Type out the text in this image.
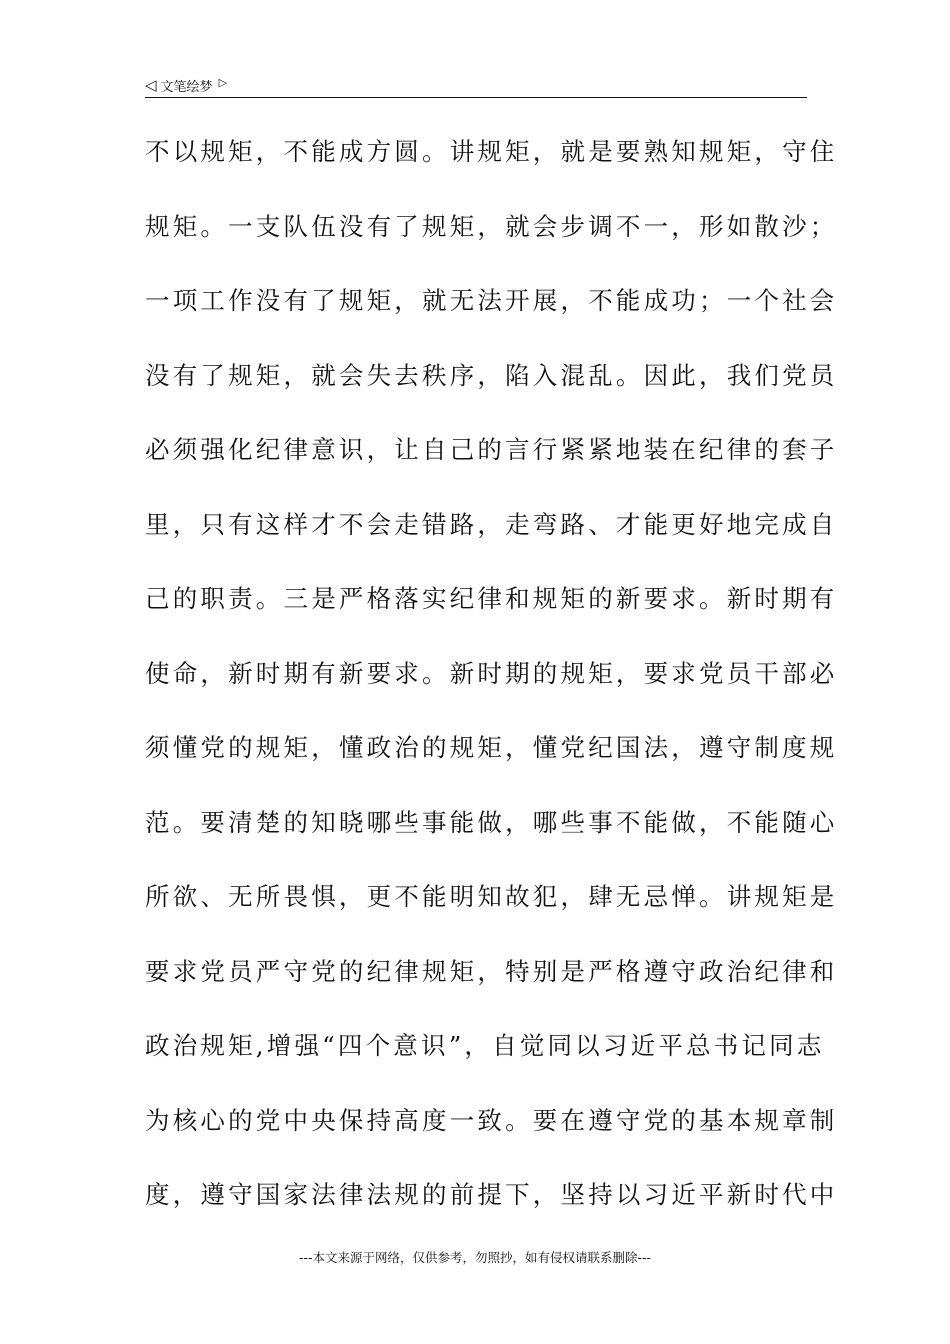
◁ 文笔绘梦 ▷
不以规矩，不能成方圆。讲规矩，就是要熟知规矩，守住
规矩。一支队伍没有了规矩，就会步调不一，形如散沙；
一项工作没有了规矩，就无法开展，不能成功；一个社会
没有了规矩，就会失去秩序，陷入混乱。因此，我们党员
必须强化纪律意识，让自己的言行紧紧地装在纪律的套子
里，只有这样才不会走错路，走弯路、才能更好地完成自
己的职责。三是严格落实纪律和规矩的新要求。新时期有
使命，新时期有新要求。新时期的规矩，要求党员干部必
须懂党的规矩，懂政治的规矩，懂党纪国法，遵守制度规
范。要清楚的知晓哪些事能做，哪些事不能做，不能随心
所欲、无所畏惧，更不能明知故犯，肆无忌惮。讲规矩是
要求党员严守党的纪律规矩，特别是严格遵守政治纪律和
政治规矩,增强“四个意识”，自觉同以习近平总书记同志
为核心的党中央保持高度一致。要在遵守党的基本规章制
度，遵守国家法律法规的前提下，坚持以习近平新时代中
---本文来源于网络，仅供参考，勿照抄，如有侵权请联系删除---
